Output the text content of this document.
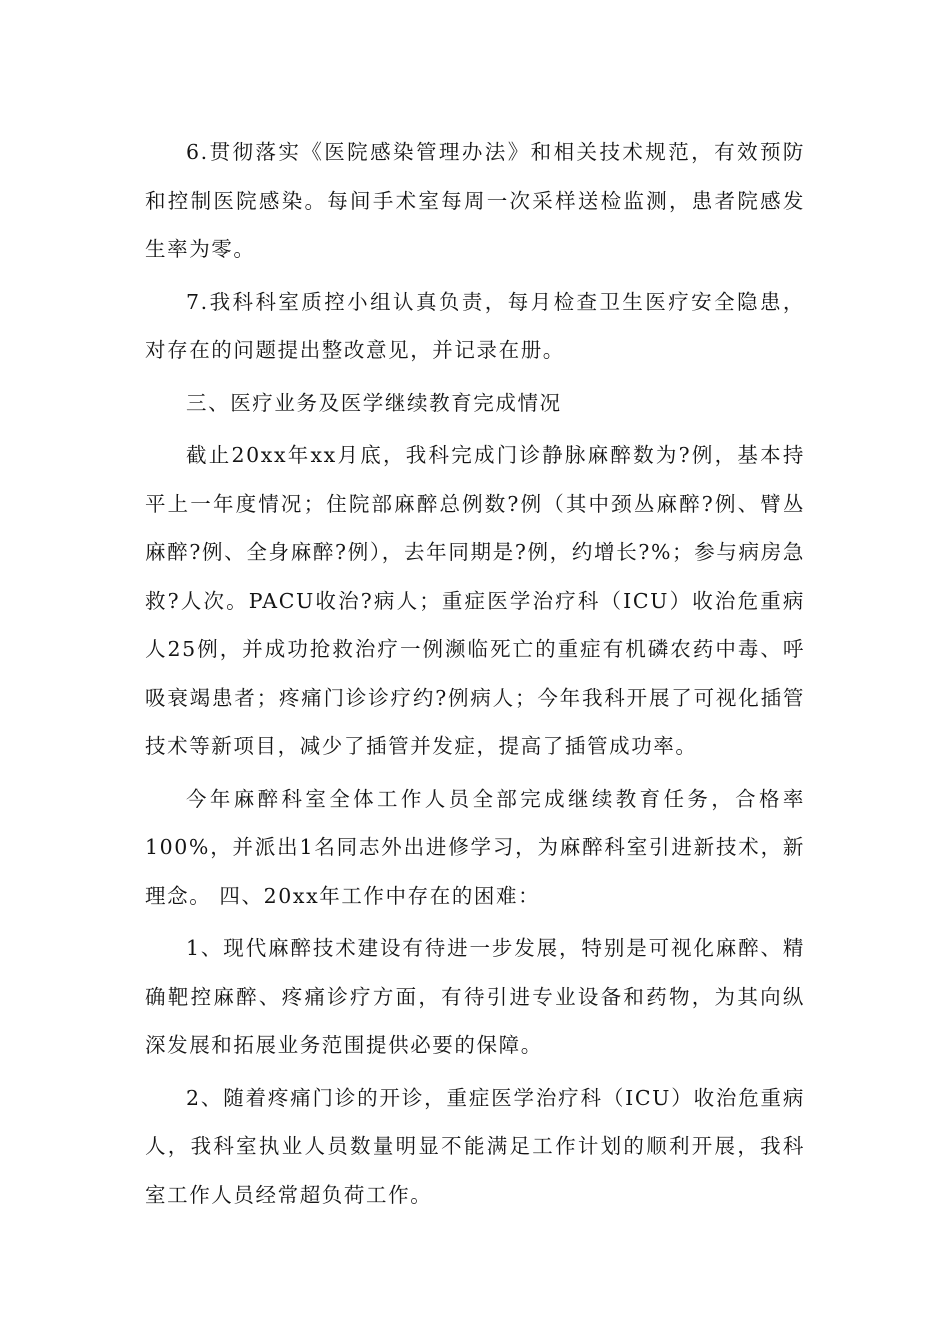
6.贯彻落实《医院感染管理办法》和相关技术规范，有效预防和控制医院感染。每间手术室每周一次采样送检监测，患者院感发生率为零。

7.我科科室质控小组认真负责，每月检查卫生医疗安全隐患，对存在的问题提出整改意见，并记录在册。

三、医疗业务及医学继续教育完成情况

截止20xx年xx月底，我科完成门诊静脉麻醉数为?例，基本持平上一年度情况；住院部麻醉总例数?例（其中颈丛麻醉?例、臂丛麻醉?例、全身麻醉?例），去年同期是?例，约增长?%；参与病房急救?人次。PACU收治?病人；重症医学治疗科（ICU）收治危重病人25例，并成功抢救治疗一例濒临死亡的重症有机磷农药中毒、呼吸衰竭患者；疼痛门诊诊疗约?例病人；今年我科开展了可视化插管技术等新项目，减少了插管并发症，提高了插管成功率。

今年麻醉科室全体工作人员全部完成继续教育任务，合格率100%，并派出1名同志外出进修学习，为麻醉科室引进新技术，新理念。 四、20xx年工作中存在的困难：

1、现代麻醉技术建设有待进一步发展，特别是可视化麻醉、精确靶控麻醉、疼痛诊疗方面，有待引进专业设备和药物，为其向纵深发展和拓展业务范围提供必要的保障。

2、随着疼痛门诊的开诊，重症医学治疗科（ICU）收治危重病人，我科室执业人员数量明显不能满足工作计划的顺利开展，我科室工作人员经常超负荷工作。
